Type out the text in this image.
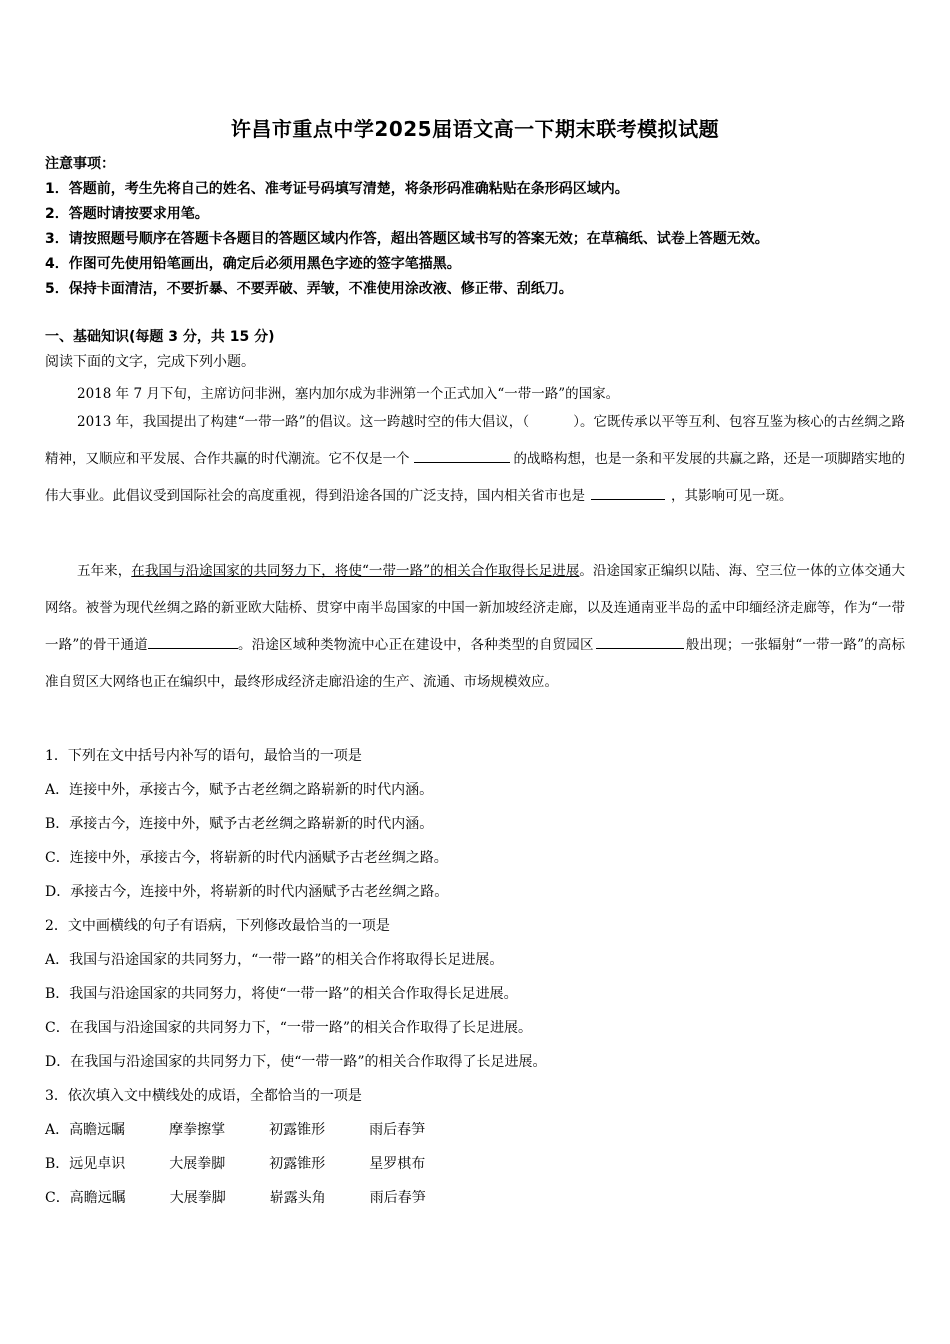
许昌市重点中学2025届语文高一下期末联考模拟试题
注意事项：
1．答题前，考生先将自己的姓名、准考证号码填写清楚，将条形码准确粘贴在条形码区域内。
2．答题时请按要求用笔。
3．请按照题号顺序在答题卡各题目的答题区域内作答，超出答题区域书写的答案无效；在草稿纸、试卷上答题无效。
4．作图可先使用铅笔画出，确定后必须用黑色字迹的签字笔描黑。
5．保持卡面清洁，不要折暴、不要弄破、弄皱，不准使用涂改液、修正带、刮纸刀。
一、基础知识(每题 3 分，共 15 分)
阅读下面的文字，完成下列小题。
2018 年 7 月下旬，主席访问非洲，塞内加尔成为非洲第一个正式加入“一带一路”的国家。
2013 年，我国提出了构建“一带一路”的倡议。这一跨越时空的伟大倡议，（	）。它既传承以平等互利、包容互鉴为核心的古丝绸之路精神，又顺应和平发展、合作共赢的时代潮流。它不仅是一个	的战略构想，也是一条和平发展的共赢之路，还是一项脚踏实地的伟大事业。此倡议受到国际社会的高度重视，得到沿途各国的广泛支持，国内相关省市也是	，其影响可见一斑。
五年来，在我国与沿途国家的共同努力下，将使“一带一路”的相关合作取得长足进展。沿途国家正编织以陆、海、空三位一体的立体交通大网络。被誉为现代丝绸之路的新亚欧大陆桥、贯穿中南半岛国家的中国一新加坡经济走廊，以及连通南亚半岛的孟中印缅经济走廊等，作为“一带一路”的骨干通道	。沿途区域种类物流中心正在建设中，各种类型的自贸园区	般出现；一张辐射“一带一路”的高标准自贸区大网络也正在编织中，最终形成经济走廊沿途的生产、流通、市场规模效应。
1．下列在文中括号内补写的语句，最恰当的一项是
A．连接中外，承接古今，赋予古老丝绸之路崭新的时代内涵。
B．承接古今，连接中外，赋予古老丝绸之路崭新的时代内涵。
C．连接中外，承接古今，将崭新的时代内涵赋予古老丝绸之路。
D．承接古今，连接中外，将崭新的时代内涵赋予古老丝绸之路。
2．文中画横线的句子有语病，下列修改最恰当的一项是
A．我国与沿途国家的共同努力，“一带一路”的相关合作将取得长足进展。
B．我国与沿途国家的共同努力，将使“一带一路”的相关合作取得长足进展。
C．在我国与沿途国家的共同努力下，“一带一路”的相关合作取得了长足进展。
D．在我国与沿途国家的共同努力下，使“一带一路”的相关合作取得了长足进展。
3．依次填入文中横线处的成语，全都恰当的一项是
A．高瞻远瞩	摩拳擦掌	初露锥形	雨后春笋
B．远见卓识	大展拳脚	初露锥形	星罗棋布
C．高瞻远瞩	大展拳脚	崭露头角	雨后春笋
